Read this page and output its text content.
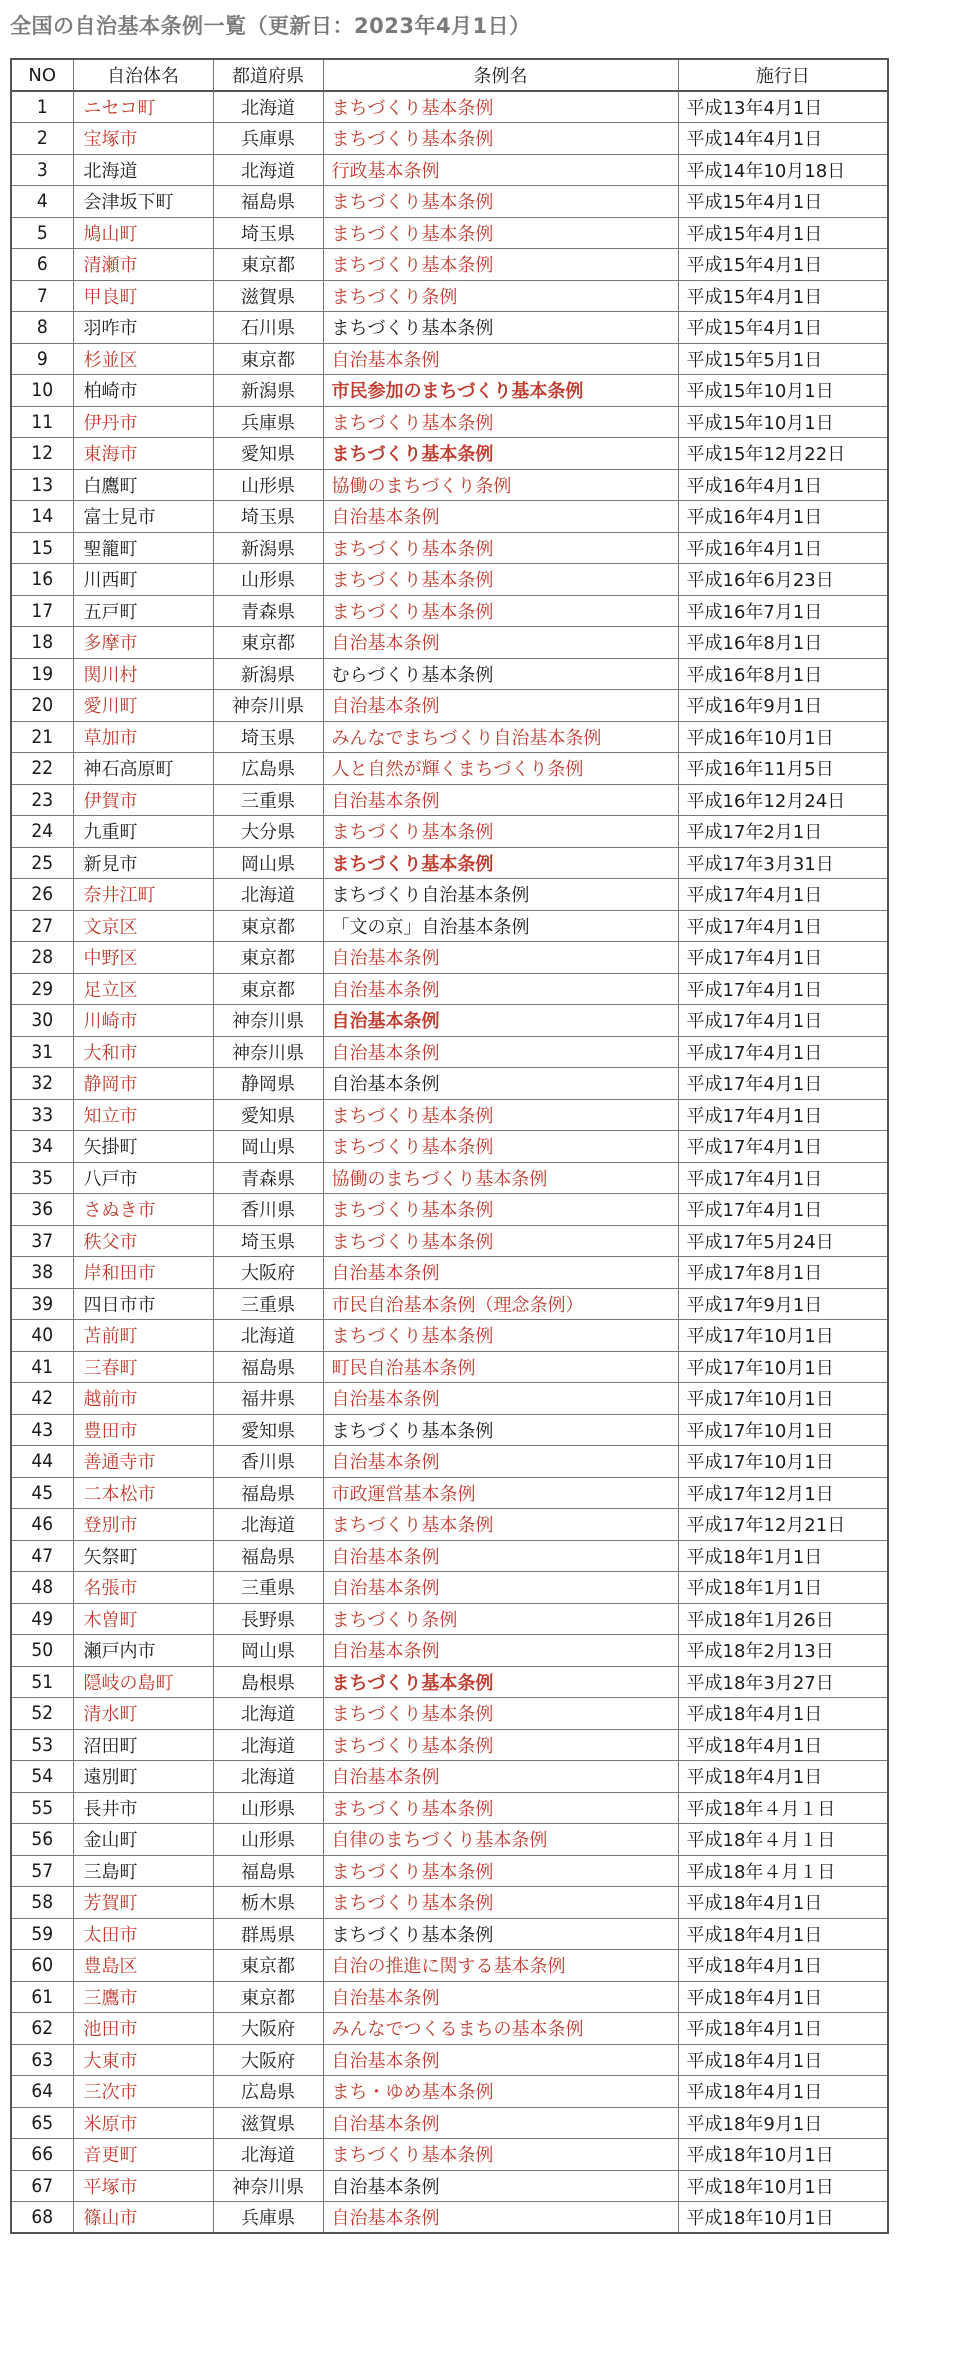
全国の自治基本条例一覧（更新日：2023年4月1日）
NO	自治体名	都道府県	条例名	施行日
1	ニセコ町	北海道	まちづくり基本条例	平成13年4月1日
2	宝塚市	兵庫県	まちづくり基本条例	平成14年4月1日
3	北海道	北海道	行政基本条例	平成14年10月18日
4	会津坂下町	福島県	まちづくり基本条例	平成15年4月1日
5	鳩山町	埼玉県	まちづくり基本条例	平成15年4月1日
6	清瀬市	東京都	まちづくり基本条例	平成15年4月1日
7	甲良町	滋賀県	まちづくり条例	平成15年4月1日
8	羽咋市	石川県	まちづくり基本条例	平成15年4月1日
9	杉並区	東京都	自治基本条例	平成15年5月1日
10	柏崎市	新潟県	市民参加のまちづくり基本条例	平成15年10月1日
11	伊丹市	兵庫県	まちづくり基本条例	平成15年10月1日
12	東海市	愛知県	まちづくり基本条例	平成15年12月22日
13	白鷹町	山形県	協働のまちづくり条例	平成16年4月1日
14	富士見市	埼玉県	自治基本条例	平成16年4月1日
15	聖籠町	新潟県	まちづくり基本条例	平成16年4月1日
16	川西町	山形県	まちづくり基本条例	平成16年6月23日
17	五戸町	青森県	まちづくり基本条例	平成16年7月1日
18	多摩市	東京都	自治基本条例	平成16年8月1日
19	関川村	新潟県	むらづくり基本条例	平成16年8月1日
20	愛川町	神奈川県	自治基本条例	平成16年9月1日
21	草加市	埼玉県	みんなでまちづくり自治基本条例	平成16年10月1日
22	神石高原町	広島県	人と自然が輝くまちづくり条例	平成16年11月5日
23	伊賀市	三重県	自治基本条例	平成16年12月24日
24	九重町	大分県	まちづくり基本条例	平成17年2月1日
25	新見市	岡山県	まちづくり基本条例	平成17年3月31日
26	奈井江町	北海道	まちづくり自治基本条例	平成17年4月1日
27	文京区	東京都	「文の京」自治基本条例	平成17年4月1日
28	中野区	東京都	自治基本条例	平成17年4月1日
29	足立区	東京都	自治基本条例	平成17年4月1日
30	川崎市	神奈川県	自治基本条例	平成17年4月1日
31	大和市	神奈川県	自治基本条例	平成17年4月1日
32	静岡市	静岡県	自治基本条例	平成17年4月1日
33	知立市	愛知県	まちづくり基本条例	平成17年4月1日
34	矢掛町	岡山県	まちづくり基本条例	平成17年4月1日
35	八戸市	青森県	協働のまちづくり基本条例	平成17年4月1日
36	さぬき市	香川県	まちづくり基本条例	平成17年4月1日
37	秩父市	埼玉県	まちづくり基本条例	平成17年5月24日
38	岸和田市	大阪府	自治基本条例	平成17年8月1日
39	四日市市	三重県	市民自治基本条例（理念条例）	平成17年9月1日
40	苫前町	北海道	まちづくり基本条例	平成17年10月1日
41	三春町	福島県	町民自治基本条例	平成17年10月1日
42	越前市	福井県	自治基本条例	平成17年10月1日
43	豊田市	愛知県	まちづくり基本条例	平成17年10月1日
44	善通寺市	香川県	自治基本条例	平成17年10月1日
45	二本松市	福島県	市政運営基本条例	平成17年12月1日
46	登別市	北海道	まちづくり基本条例	平成17年12月21日
47	矢祭町	福島県	自治基本条例	平成18年1月1日
48	名張市	三重県	自治基本条例	平成18年1月1日
49	木曽町	長野県	まちづくり条例	平成18年1月26日
50	瀬戸内市	岡山県	自治基本条例	平成18年2月13日
51	隠岐の島町	島根県	まちづくり基本条例	平成18年3月27日
52	清水町	北海道	まちづくり基本条例	平成18年4月1日
53	沼田町	北海道	まちづくり基本条例	平成18年4月1日
54	遠別町	北海道	自治基本条例	平成18年4月1日
55	長井市	山形県	まちづくり基本条例	平成18年４月１日
56	金山町	山形県	自律のまちづくり基本条例	平成18年４月１日
57	三島町	福島県	まちづくり基本条例	平成18年４月１日
58	芳賀町	栃木県	まちづくり基本条例	平成18年4月1日
59	太田市	群馬県	まちづくり基本条例	平成18年4月1日
60	豊島区	東京都	自治の推進に関する基本条例	平成18年4月1日
61	三鷹市	東京都	自治基本条例	平成18年4月1日
62	池田市	大阪府	みんなでつくるまちの基本条例	平成18年4月1日
63	大東市	大阪府	自治基本条例	平成18年4月1日
64	三次市	広島県	まち・ゆめ基本条例	平成18年4月1日
65	米原市	滋賀県	自治基本条例	平成18年9月1日
66	音更町	北海道	まちづくり基本条例	平成18年10月1日
67	平塚市	神奈川県	自治基本条例	平成18年10月1日
68	篠山市	兵庫県	自治基本条例	平成18年10月1日
